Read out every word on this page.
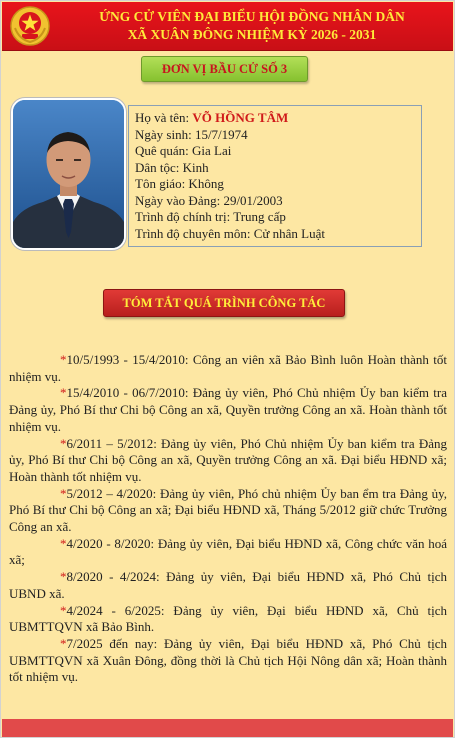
ỨNG CỬ VIÊN ĐẠI BIỂU HỘI ĐỒNG NHÂN DÂN
XÃ XUÂN ĐÔNG NHIỆM KỲ 2026 - 2031
ĐƠN VỊ BẦU CỬ SỐ 3
Họ và tên: VÕ HỒNG TÂM
Ngày sinh: 15/7/1974
Quê quán: Gia Lai
Dân tộc: Kinh
Tôn giáo: Không
Ngày vào Đảng: 29/01/2003
Trình độ chính trị: Trung cấp
Trình độ chuyên môn: Cử nhân Luật
TÓM TẮT QUÁ TRÌNH CÔNG TÁC

*10/5/1993 - 15/4/2010: Công an viên xã Bảo Bình luôn Hoàn thành tốt nhiệm vụ.

*15/4/2010 - 06/7/2010: Đảng ủy viên, Phó Chủ nhiệm Ủy ban kiểm tra Đảng ủy, Phó Bí thư Chi bộ Công an xã, Quyền trưởng Công an xã. Hoàn thành tốt nhiệm vụ.

*6/2011 – 5/2012: Đảng ủy viên, Phó Chủ nhiệm Ủy ban kiểm tra Đảng ủy, Phó Bí thư Chi bộ Công an xã, Quyền trưởng Công an xã. Đại biểu HĐND xã; Hoàn thành tốt nhiệm vụ.

*5/2012 – 4/2020: Đảng ủy viên, Phó chủ nhiệm Ủy ban ểm tra Đảng ủy, Phó Bí thư Chi bộ Công an xã; Đại biểu HĐND xã, Tháng 5/2012 giữ chức Trưởng Công an xã.

*4/2020 - 8/2020: Đảng ủy viên, Đại biểu HĐND xã, Công chức văn hoá xã;

*8/2020 - 4/2024: Đảng ủy viên, Đại biểu HĐND xã, Phó Chủ tịch UBND xã.

*4/2024 - 6/2025: Đảng ủy viên, Đại biểu HĐND xã, Chủ tịch UBMTTQVN xã Bảo Bình.

*7/2025 đến nay: Đảng ủy viên, Đại biểu HĐND xã, Phó Chủ tịch UBMTTQVN xã Xuân Đông, đồng thời là Chủ tịch Hội Nông dân xã; Hoàn thành tốt nhiệm vụ.
